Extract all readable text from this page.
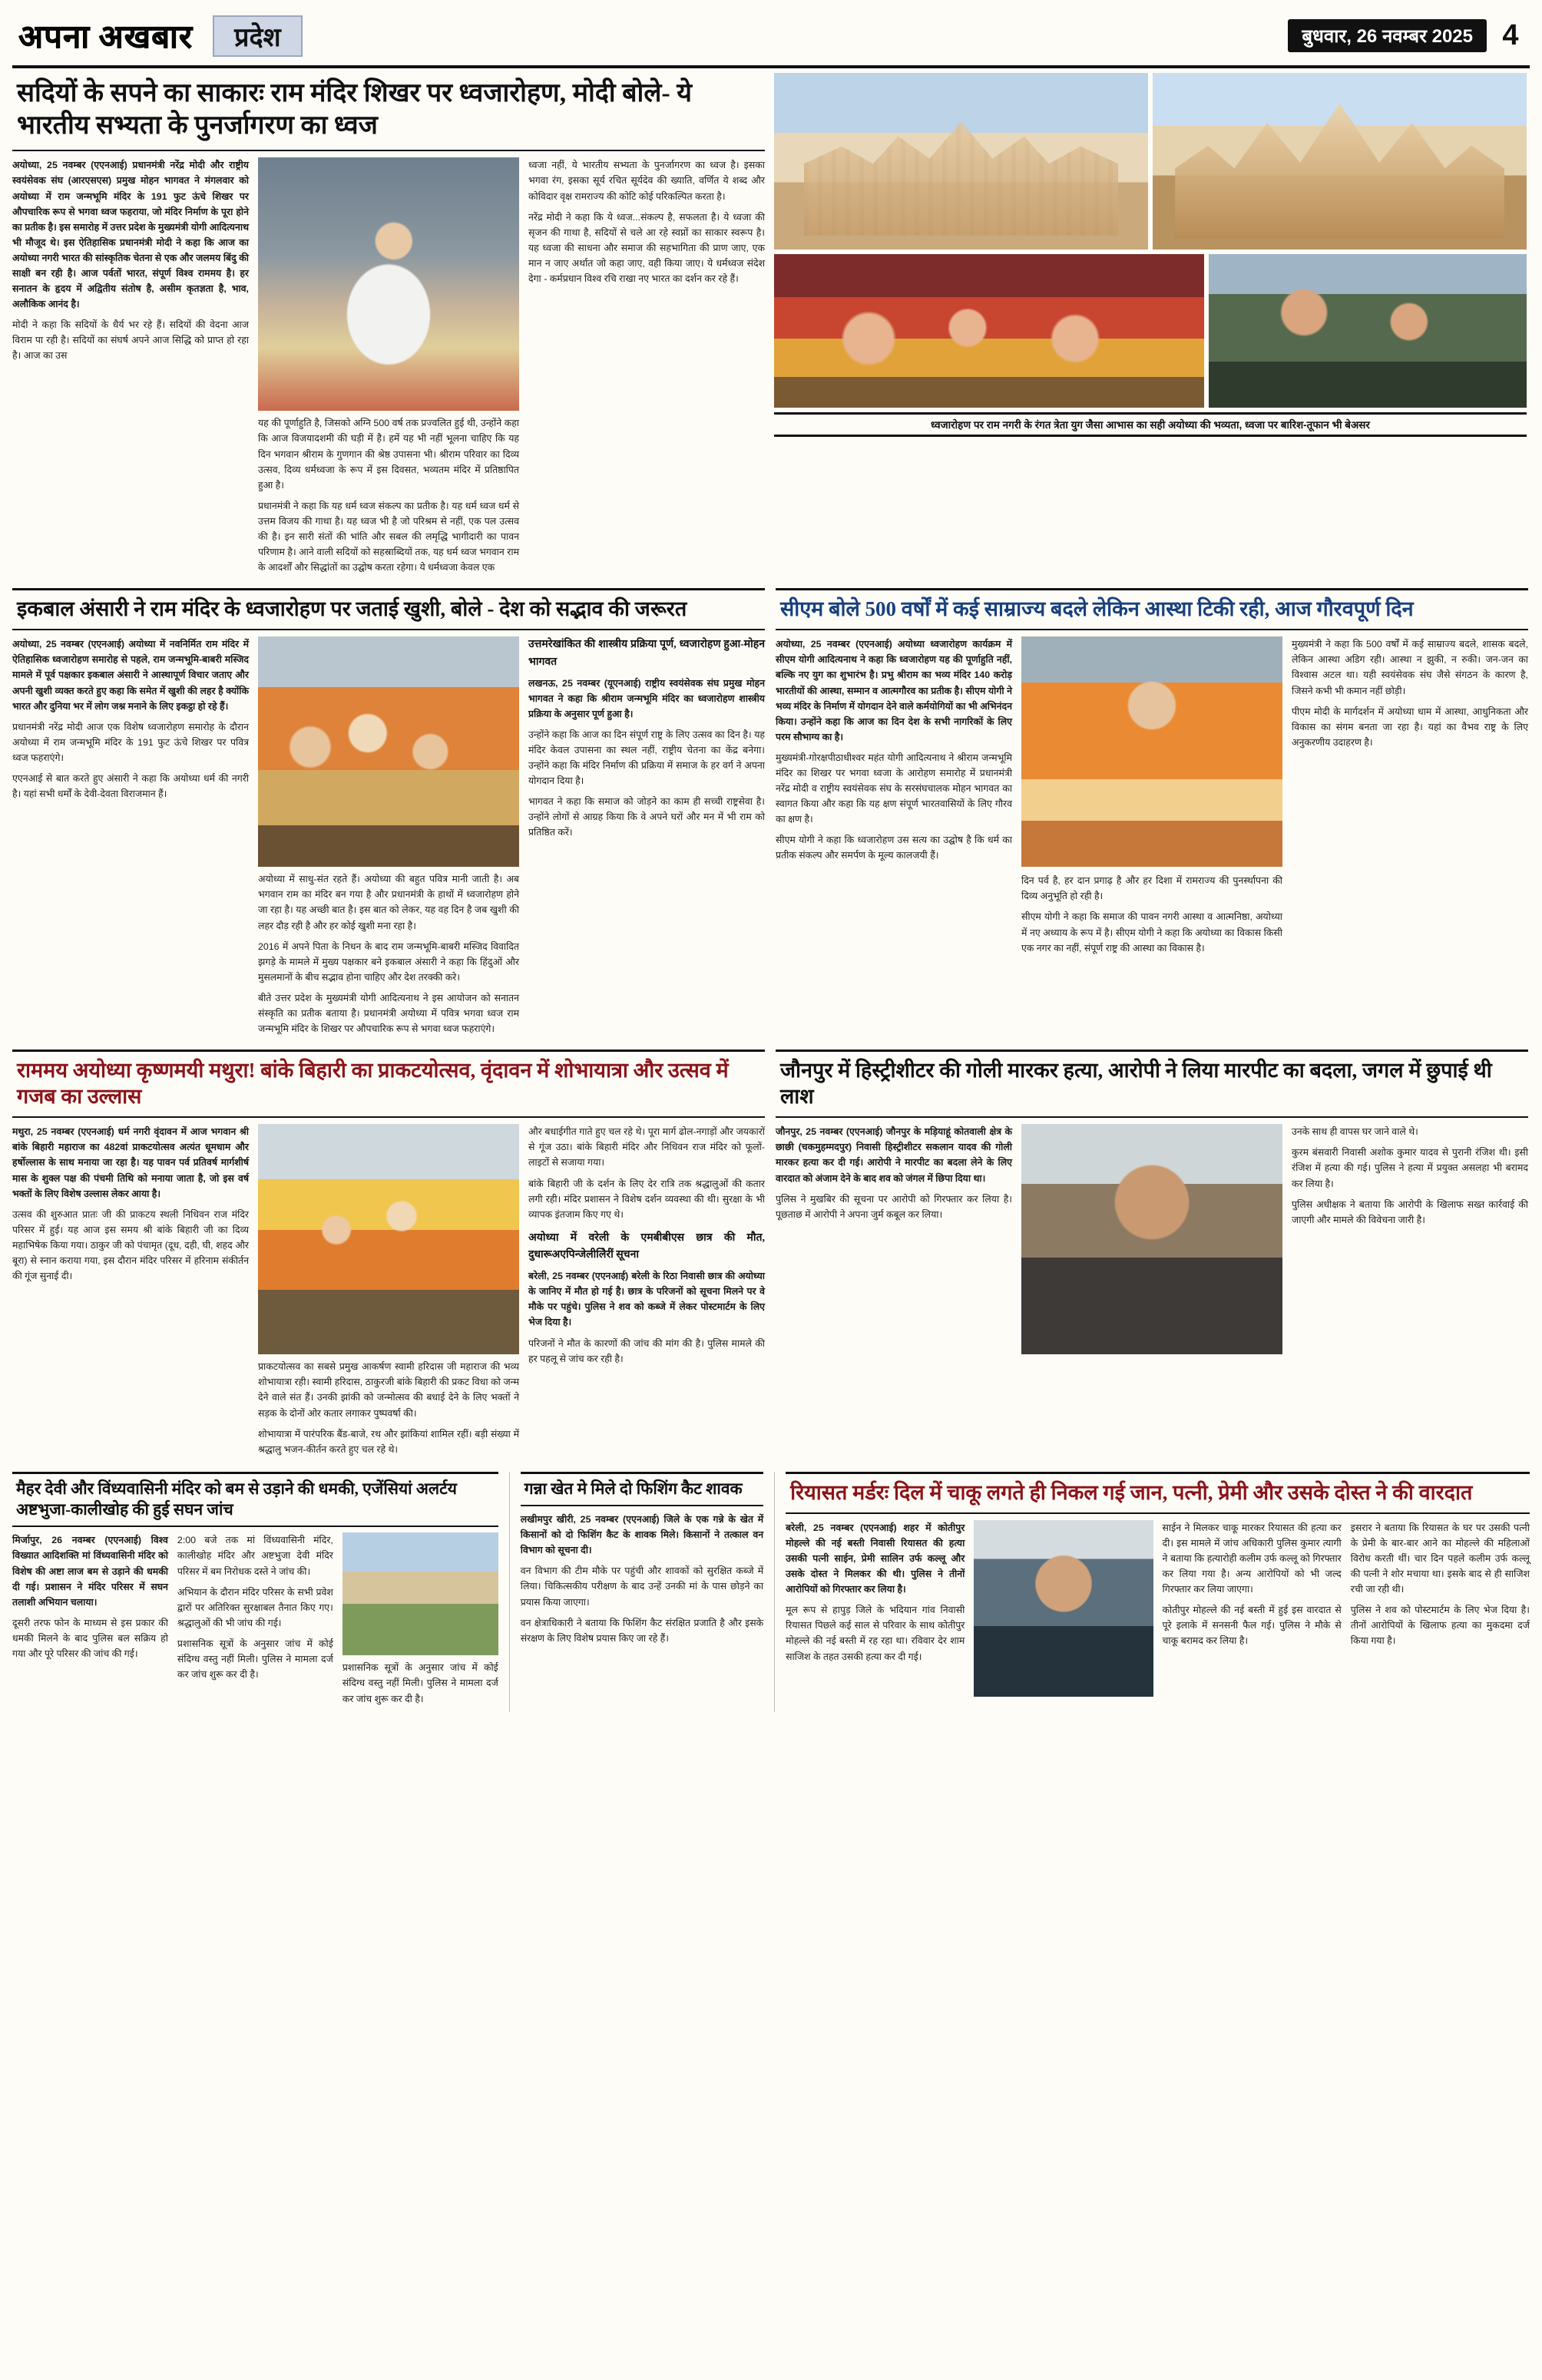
अपना अखबार	प्रदेश	बुधवार, 26 नवम्बर 2025	4
सदियों के सपने का साकारः राम मंदिर शिखर पर ध्वजारोहण, मोदी बोले- ये भारतीय सभ्यता के पुनर्जागरण का ध्वज

अयोध्या, 25 नवम्बर (एएनआई) प्रधानमंत्री नरेंद्र मोदी और राष्ट्रीय स्वयंसेवक संघ (आरएसएस) प्रमुख मोहन भागवत ने मंगलवार को अयोध्या में राम जन्मभूमि मंदिर के 191 फुट ऊंचे शिखर पर औपचारिक रूप से भगवा ध्वज फहराया, जो मंदिर निर्माण के पूरा होने का प्रतीक है। इस समारोह में उत्तर प्रदेश के मुख्यमंत्री योगी आदित्यनाथ भी मौजूद थे। इस ऐतिहासिक प्रधानमंत्री मोदी ने कहा कि आज का अयोध्या नगरी भारत की सांस्कृतिक चेतना से एक और जलमय बिंदु की साक्षी बन रही है। आज पर्वतों भारत, संपूर्ण विश्व राममय है। हर सनातन के हृदय में अद्वितीय संतोष है, असीम कृतज्ञता है, भाव, अलौकिक आनंद है।

मोदी ने कहा कि सदियों के धैर्य भर रहे हैं। सदियों की वेदना आज विराम पा रही है। सदियों का संघर्ष अपने आज सिद्धि को प्राप्त हो रहा है। आज का उस

यह की पूर्णाहुति है, जिसको अग्नि 500 वर्ष तक प्रज्वलित हुई थी, उन्होंने कहा कि आज विजयादशमी की घड़ी में है। हमें यह भी नहीं भूलना चाहिए कि यह दिन भगवान श्रीराम के गुणगान की श्रेष्ठ उपासना भी। श्रीराम परिवार का दिव्य उत्सव, दिव्य धर्मध्वजा के रूप में इस दिवसत, भव्यतम मंदिर में प्रतिष्ठापित हुआ है।

प्रधानमंत्री ने कहा कि यह धर्म ध्वज संकल्प का प्रतीक है। यह धर्म ध्वज धर्म से उत्तम विजय की गाथा है। यह ध्वज भी है जो परिश्रम से नहीं, एक पल उत्सव की है। इन सारी संतों की भांति और सबल की लमृद्धि भागीदारी का पावन परिणाम है। आने वाली सदियों को सहस्राब्दियों तक, यह धर्म ध्वज भगवान राम के आदर्शों और सिद्धांतों का उद्घोष करता रहेगा। ये धर्मध्वजा केवल एक

ध्वजा नहीं, ये भारतीय सभ्यता के पुनर्जागरण का ध्वज है। इसका भगवा रंग, इसका सूर्य रचित सूर्यदेव की ख्याति, वर्णित ये शब्द और कोविदार वृक्ष रामराज्य की कोटि कोई परिकल्पित करता है।

नरेंद्र मोदी ने कहा कि ये ध्वज...संकल्प है, सफलता है। ये ध्वजा की सृजन की गाथा है, सदियों से चले आ रहे स्वप्नों का साकार स्वरूप है। यह ध्वजा की साधना और समाज की सहभागिता की प्राण जाए, एक मान न जाए अर्थात जो कहा जाए, वही किया जाए। ये धर्मध्वज संदेश देगा - कर्मप्रधान विश्व रचि राखा नए भारत का दर्शन कर रहे हैं।

ध्वजारोहण पर राम नगरी के रंगत त्रेता युग जैसा आभास का सही अयोध्या की भव्यता, ध्वजा पर बारिश-तूफान भी बेअसर
इकबाल अंसारी ने राम मंदिर के ध्वजारोहण पर जताई खुशी, बोले - देश को सद्भाव की जरूरत

अयोध्या, 25 नवम्बर (एएनआई) अयोध्या में नवनिर्मित राम मंदिर में ऐतिहासिक ध्वजारोहण समारोह से पहले, राम जन्मभूमि-बाबरी मस्जिद मामले में पूर्व पक्षकार इकबाल अंसारी ने आस्थापूर्ण विचार जताए और अपनी खुशी व्यक्त करते हुए कहा कि समेत में खुशी की लहर है क्योंकि भारत और दुनिया भर में लोग जश्न मनाने के लिए इकट्ठा हो रहे हैं।

प्रधानमंत्री नरेंद्र मोदी आज एक विशेष ध्वजारोहण समारोह के दौरान अयोध्या में राम जन्मभूमि मंदिर के 191 फुट ऊंचे शिखर पर पवित्र ध्वज फहराएंगे।

एएनआई से बात करते हुए अंसारी ने कहा कि अयोध्या धर्म की नगरी है। यहां सभी धर्मों के देवी-देवता विराजमान हैं।

अयोध्या में साधु-संत रहते हैं। अयोध्या की बहुत पवित्र मानी जाती है। अब भगवान राम का मंदिर बन गया है और प्रधानमंत्री के हाथों में ध्वजारोहण होने जा रहा है। यह अच्छी बात है। इस बात को लेकर, यह वह दिन है जब खुशी की लहर दौड़ रही है और हर कोई खुशी मना रहा है।

2016 में अपने पिता के निधन के बाद राम जन्मभूमि-बाबरी मस्जिद विवादित झगड़े के मामले में मुख्य पक्षकार बने इकबाल अंसारी ने कहा कि हिंदुओं और मुसलमानों के बीच सद्भाव होना चाहिए और देश तरक्की करे।

बीते उत्तर प्रदेश के मुख्यमंत्री योगी आदित्यनाथ ने इस आयोजन को सनातन संस्कृति का प्रतीक बताया है। प्रधानमंत्री अयोध्या में पवित्र भगवा ध्वज राम जन्मभूमि मंदिर के शिखर पर औपचारिक रूप से भगवा ध्वज फहराएंगे।

उत्तमरेखांकित की शास्त्रीय प्रक्रिया पूर्ण, ध्वजारोहण हुआ-मोहन भागवत

लखनऊ, 25 नवम्बर (यूएनआई) राष्ट्रीय स्वयंसेवक संघ प्रमुख मोहन भागवत ने कहा कि श्रीराम जन्मभूमि मंदिर का ध्वजारोहण शास्त्रीय प्रक्रिया के अनुसार पूर्ण हुआ है।

उन्होंने कहा कि आज का दिन संपूर्ण राष्ट्र के लिए उत्सव का दिन है। यह मंदिर केवल उपासना का स्थल नहीं, राष्ट्रीय चेतना का केंद्र बनेगा। उन्होंने कहा कि मंदिर निर्माण की प्रक्रिया में समाज के हर वर्ग ने अपना योगदान दिया है।

भागवत ने कहा कि समाज को जोड़ने का काम ही सच्ची राष्ट्रसेवा है। उन्होंने लोगों से आग्रह किया कि वे अपने घरों और मन में भी राम को प्रतिष्ठित करें।

सीएम बोले 500 वर्षों में कई साम्राज्य बदले लेकिन आस्था टिकी रही, आज गौरवपूर्ण दिन

अयोध्या, 25 नवम्बर (एएनआई) अयोध्या ध्वजारोहण कार्यक्रम में सीएम योगी आदित्यनाथ ने कहा कि ध्वजारोहण यह की पूर्णाहुति नहीं, बल्कि नए युग का शुभारंभ है। प्रभु श्रीराम का भव्य मंदिर 140 करोड़ भारतीयों की आस्था, सम्मान व आत्मगौरव का प्रतीक है। सीएम योगी ने भव्य मंदिर के निर्माण में योगदान देने वाले कर्मयोगियों का भी अभिनंदन किया। उन्होंने कहा कि आज का दिन देश के सभी नागरिकों के लिए परम सौभाग्य का है।

मुख्यमंत्री-गोरक्षपीठाधीश्वर महंत योगी आदित्यनाथ ने श्रीराम जन्मभूमि मंदिर का शिखर पर भगवा ध्वजा के आरोहण समारोह में प्रधानमंत्री नरेंद्र मोदी व राष्ट्रीय स्वयंसेवक संघ के सरसंघचालक मोहन भागवत का स्वागत किया और कहा कि यह क्षण संपूर्ण भारतवासियों के लिए गौरव का क्षण है।

सीएम योगी ने कहा कि ध्वजारोहण उस सत्य का उद्घोष है कि धर्म का प्रतीक संकल्प और समर्पण के मूल्य कालजयी हैं।

दिन पर्व है, हर दान प्रगाढ़ है और हर दिशा में रामराज्य की पुनर्स्थापना की दिव्य अनुभूति हो रही है।

सीएम योगी ने कहा कि समाज की पावन नगरी आस्था व आत्मनिष्ठा, अयोध्या में नए अध्याय के रूप में है। सीएम योगी ने कहा कि अयोध्या का विकास किसी एक नगर का नहीं, संपूर्ण राष्ट्र की आस्था का विकास है।

मुख्यमंत्री ने कहा कि 500 वर्षों में कई साम्राज्य बदले, शासक बदले, लेकिन आस्था अडिग रही। आस्था न झुकी, न रुकी। जन-जन का विश्वास अटल था। यही स्वयंसेवक संघ जैसे संगठन के कारण है, जिसने कभी भी कमान नहीं छोड़ी।

पीएम मोदी के मार्गदर्शन में अयोध्या धाम में आस्था, आधुनिकता और विकास का संगम बनता जा रहा है। यहां का वैभव राष्ट्र के लिए अनुकरणीय उदाहरण है।

राममय अयोध्या कृष्णमयी मथुरा! बांके बिहारी का प्राकटयोत्सव, वृंदावन में शोभायात्रा और उत्सव में गजब का उल्लास

मथुरा, 25 नवम्बर (एएनआई) धर्म नगरी वृंदावन में आज भगवान श्री बांके बिहारी महाराज का 482वां प्राकटयोत्सव अत्यंत धूमधाम और हर्षोल्लास के साथ मनाया जा रहा है। यह पावन पर्व प्रतिवर्ष मार्गशीर्ष मास के शुक्ल पक्ष की पंचमी तिथि को मनाया जाता है, जो इस वर्ष भक्तों के लिए विशेष उल्लास लेकर आया है।

उत्सव की शुरुआत प्रातः जी की प्राकटय स्थली निधिवन राज मंदिर परिसर में हुई। यह आज इस समय श्री बांके बिहारी जी का दिव्य महाभिषेक किया गया। ठाकुर जी को पंचामृत (दूध, दही, घी, शहद और बूरा) से स्नान कराया गया, इस दौरान मंदिर परिसर में हरिनाम संकीर्तन की गूंज सुनाई दी।

प्राकटयोत्सव का सबसे प्रमुख आकर्षण स्वामी हरिदास जी महाराज की भव्य शोभायात्रा रही। स्वामी हरिदास, ठाकुरजी बांके बिहारी की प्रकट विधा को जन्म देने वाले संत हैं। उनकी झांकी को जन्मोत्सव की बधाई देने के लिए भक्तों ने सड़क के दोनों ओर कतार लगाकर पुष्पवर्षा की।

शोभायात्रा में पारंपरिक बैंड-बाजे, रथ और झांकियां शामिल रहीं। बड़ी संख्या में श्रद्धालु भजन-कीर्तन करते हुए चल रहे थे।

और बधाईगीत गाते हुए चल रहे थे। पूरा मार्ग ढोल-नगाड़ों और जयकारों से गूंज उठा। बांके बिहारी मंदिर और निधिवन राज मंदिर को फूलों-लाइटों से सजाया गया।

बांके बिहारी जी के दर्शन के लिए देर रात्रि तक श्रद्धालुओं की कतार लगी रही। मंदिर प्रशासन ने विशेष दर्शन व्यवस्था की थी। सुरक्षा के भी व्यापक इंतजाम किए गए थे।

अयोध्या में वरेली के एमबीबीएस छात्र की मौत, दुधारूअएपिन्जेलीलिेरीं सूचना

बरेली, 25 नवम्बर (एएनआई) बरेली के रिठा निवासी छात्र की अयोध्या के जानिए में मौत हो गई है। छात्र के परिजनों को सूचना मिलने पर वे मौके पर पहुंचे। पुलिस ने शव को कब्जे में लेकर पोस्टमार्टम के लिए भेज दिया है।

परिजनों ने मौत के कारणों की जांच की मांग की है। पुलिस मामले की हर पहलू से जांच कर रही है।

जौनपुर में हिस्ट्रीशीटर की गोली मारकर हत्या, आरोपी ने लिया मारपीट का बदला, जगल में छुपाई थी लाश

जौनपुर, 25 नवम्बर (एएनआई) जौनपुर के मड़ियाहूं कोतवाली क्षेत्र के छाछी (चकमुहम्मदपुर) निवासी हिस्ट्रीशीटर सकलान यादव की गोली मारकर हत्या कर दी गई। आरोपी ने मारपीट का बदला लेने के लिए वारदात को अंजाम देने के बाद शव को जंगल में छिपा दिया था।

पुलिस ने मुखबिर की सूचना पर आरोपी को गिरफ्तार कर लिया है। पूछताछ में आरोपी ने अपना जुर्म कबूल कर लिया।

उनके साथ ही वापस घर जाने वाले थे।

कुरम बंसवारी निवासी अशोक कुमार यादव से पुरानी रंजिश थी। इसी रंजिश में हत्या की गई। पुलिस ने हत्या में प्रयुक्त असलहा भी बरामद कर लिया है।

पुलिस अधीक्षक ने बताया कि आरोपी के खिलाफ सख्त कार्रवाई की जाएगी और मामले की विवेचना जारी है।

मैहर देवी और विंध्यवासिनी मंदिर को बम से उड़ाने की धमकी, एजेंसियां अलर्टय अष्टभुजा-कालीखोह की हुई सघन जांच

मिर्जापुर, 26 नवम्बर (एएनआई) विश्व विख्यात आदिशक्ति मां विंध्यवासिनी मंदिर को विशेष की अष्टा लाज बम से उड़ाने की धमकी दी गई। प्रशासन ने मंदिर परिसर में सघन तलाशी अभियान चलाया।

दूसरी तरफ फोन के माध्यम से इस प्रकार की धमकी मिलने के बाद पुलिस बल सक्रिय हो गया और पूरे परिसर की जांच की गई।

2:00 बजे तक मां विंध्यवासिनी मंदिर, कालीखोह मंदिर और अष्टभुजा देवी मंदिर परिसर में बम निरोधक दस्ते ने जांच की।

अभियान के दौरान मंदिर परिसर के सभी प्रवेश द्वारों पर अतिरिक्त सुरक्षाबल तैनात किए गए। श्रद्धालुओं की भी जांच की गई।

प्रशासनिक सूत्रों के अनुसार जांच में कोई संदिग्ध वस्तु नहीं मिली। पुलिस ने मामला दर्ज कर जांच शुरू कर दी है।

प्रशासनिक सूत्रों के अनुसार जांच में कोई संदिग्ध वस्तु नहीं मिली। पुलिस ने मामला दर्ज कर जांच शुरू कर दी है।

गन्ना खेत मे मिले दो फिशिंग कैट शावक

लखीमपुर खीरी, 25 नवम्बर (एएनआई) जिले के एक गन्ने के खेत में किसानों को दो फिशिंग कैट के शावक मिले। किसानों ने तत्काल वन विभाग को सूचना दी।

वन विभाग की टीम मौके पर पहुंची और शावकों को सुरक्षित कब्जे में लिया। चिकित्सकीय परीक्षण के बाद उन्हें उनकी मां के पास छोड़ने का प्रयास किया जाएगा।

वन क्षेत्राधिकारी ने बताया कि फिशिंग कैट संरक्षित प्रजाति है और इसके संरक्षण के लिए विशेष प्रयास किए जा रहे हैं।

रियासत मर्डरः दिल में चाकू लगते ही निकल गई जान, पत्नी, प्रेमी और उसके दोस्त ने की वारदात

बरेली, 25 नवम्बर (एएनआई) शहर में कोतीपुर मोहल्ले की नई बस्ती निवासी रियासत की हत्या उसकी पत्नी साईन, प्रेमी सालिन उर्फ कल्लू और उसके दोस्त ने मिलकर की थी। पुलिस ने तीनों आरोपियों को गिरफ्तार कर लिया है।

मूल रूप से हापुड़ जिले के भदियान गांव निवासी रियासत पिछले कई साल से परिवार के साथ कोतीपुर मोहल्ले की नई बस्ती में रह रहा था। रविवार देर शाम साजिश के तहत उसकी हत्या कर दी गई।

साईन ने मिलकर चाकू मारकर रियासत की हत्या कर दी। इस मामले में जांच अधिकारी पुलिस कुमार त्यागी ने बताया कि हत्यारोही कलीम उर्फ कल्लू को गिरफ्तार कर लिया गया है। अन्य आरोपियों को भी जल्द गिरफ्तार कर लिया जाएगा।

कोतीपुर मोहल्ले की नई बस्ती में हुई इस वारदात से पूरे इलाके में सनसनी फैल गई। पुलिस ने मौके से चाकू बरामद कर लिया है।

इसरार ने बताया कि रियासत के घर पर उसकी पत्नी के प्रेमी के बार-बार आने का मोहल्ले की महिलाओं विरोध करती थीं। चार दिन पहले कलीम उर्फ कल्लू की पत्नी ने शोर मचाया था। इसके बाद से ही साजिश रची जा रही थी।

पुलिस ने शव को पोस्टमार्टम के लिए भेज दिया है। तीनों आरोपियों के खिलाफ हत्या का मुकदमा दर्ज किया गया है।
